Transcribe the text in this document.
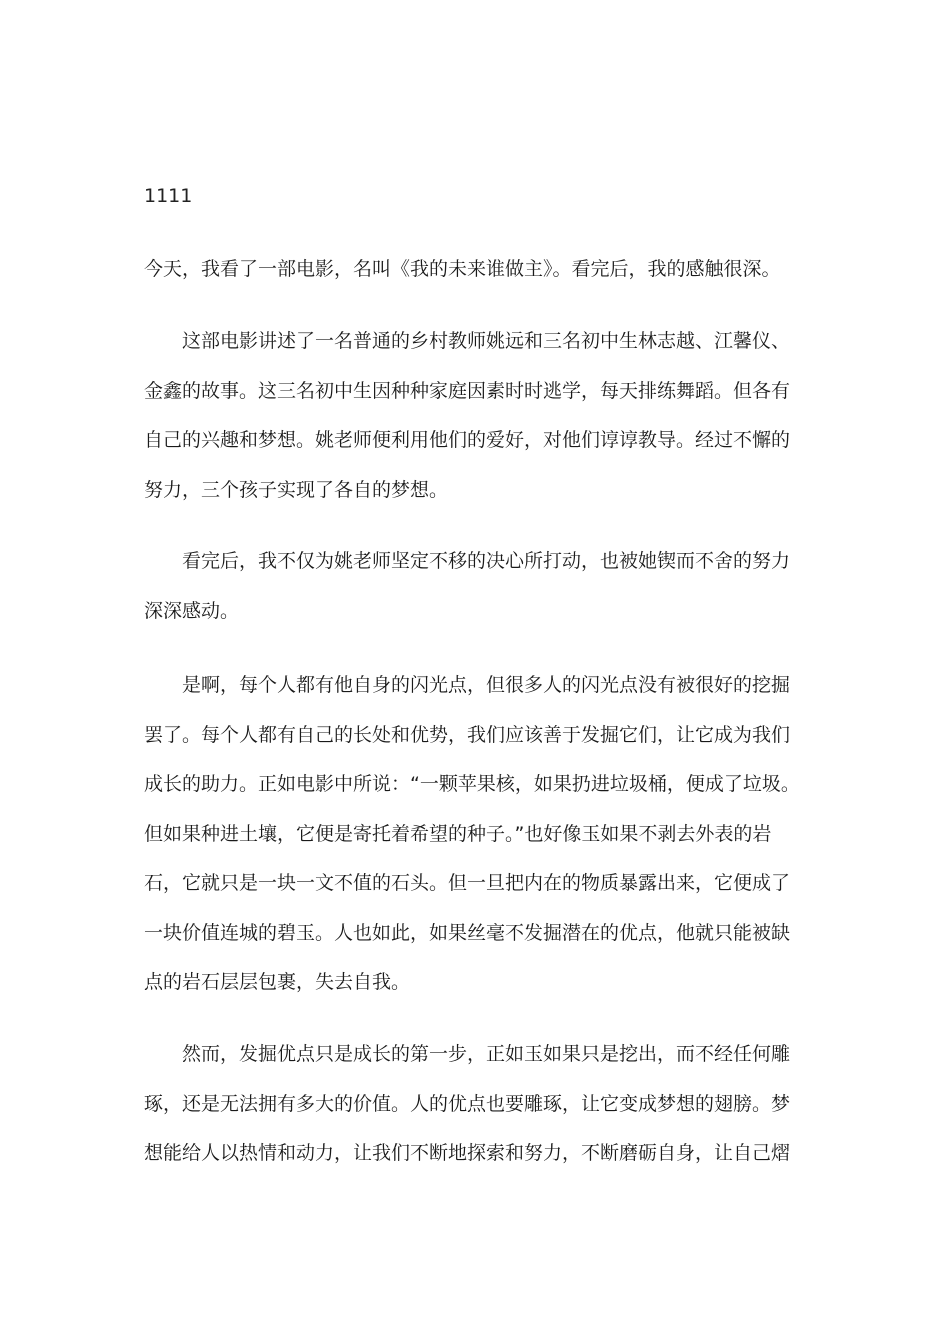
1111
今天，我看了一部电影，名叫《我的未来谁做主》。看完后，我的感触很深。
这部电影讲述了一名普通的乡村教师姚远和三名初中生林志越、江馨仪、
金鑫的故事。这三名初中生因种种家庭因素时时逃学，每天排练舞蹈。但各有
自己的兴趣和梦想。姚老师便利用他们的爱好，对他们谆谆教导。经过不懈的
努力，三个孩子实现了各自的梦想。
看完后，我不仅为姚老师坚定不移的决心所打动，也被她锲而不舍的努力
深深感动。
是啊，每个人都有他自身的闪光点，但很多人的闪光点没有被很好的挖掘
罢了。每个人都有自己的长处和优势，我们应该善于发掘它们，让它成为我们
成长的助力。正如电影中所说：“一颗苹果核，如果扔进垃圾桶，便成了垃圾。
但如果种进土壤，它便是寄托着希望的种子。”也好像玉如果不剥去外表的岩
石，它就只是一块一文不值的石头。但一旦把内在的物质暴露出来，它便成了
一块价值连城的碧玉。人也如此，如果丝毫不发掘潜在的优点，他就只能被缺
点的岩石层层包裹，失去自我。
然而，发掘优点只是成长的第一步，正如玉如果只是挖出，而不经任何雕
琢，还是无法拥有多大的价值。人的优点也要雕琢，让它变成梦想的翅膀。梦
想能给人以热情和动力，让我们不断地探索和努力，不断磨砺自身，让自己熠
